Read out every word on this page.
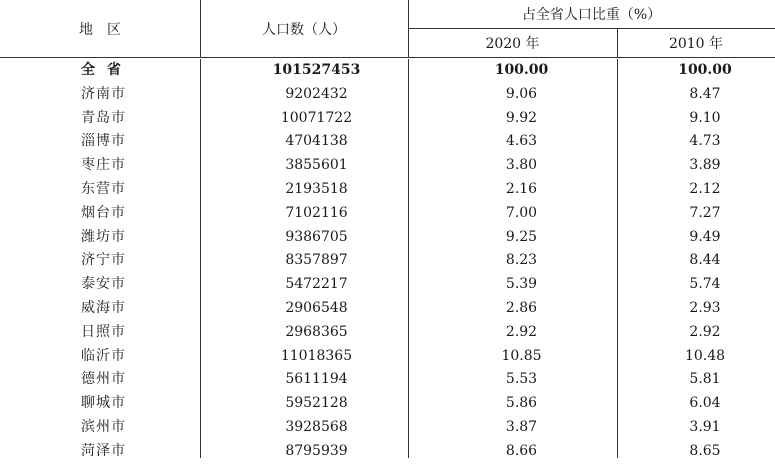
地　区	人口数（人）
占全省人口比重（%）
2020 年	2010 年
全省	101527453	100.00	100.00
济南市	9202432	9.06	8.47
青岛市	10071722	9.92	9.10
淄博市	4704138	4.63	4.73
枣庄市	3855601	3.80	3.89
东营市	2193518	2.16	2.12
烟台市	7102116	7.00	7.27
潍坊市	9386705	9.25	9.49
济宁市	8357897	8.23	8.44
泰安市	5472217	5.39	5.74
威海市	2906548	2.86	2.93
日照市	2968365	2.92	2.92
临沂市	11018365	10.85	10.48
德州市	5611194	5.53	5.81
聊城市	5952128	5.86	6.04
滨州市	3928568	3.87	3.91
菏泽市	8795939	8.66	8.65
